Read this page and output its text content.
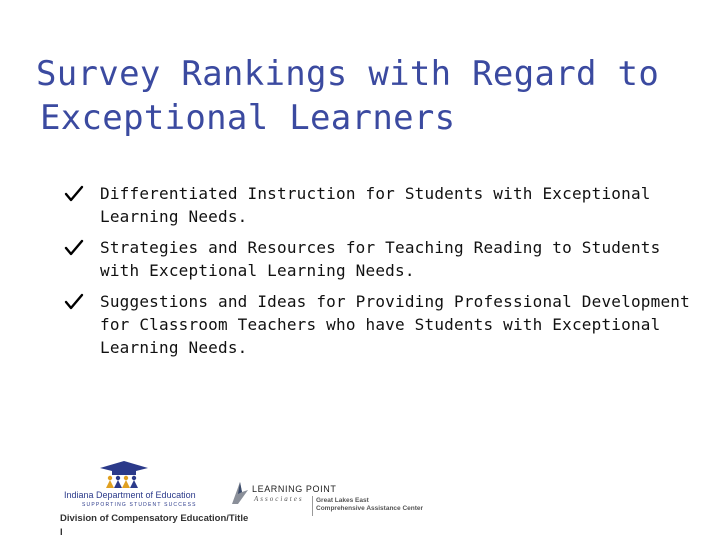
Survey Rankings with Regard to
Exceptional Learners
Differentiated Instruction for Students with Exceptional Learning Needs.
Strategies and Resources for Teaching Reading to Students with Exceptional Learning Needs.
Suggestions and Ideas for Providing Professional Development for Classroom Teachers who have Students with Exceptional Learning Needs.
Indiana Department of Education
SUPPORTING STUDENT SUCCESS
Division of Compensatory Education/Title I
LEARNING POINT
Associates Great Lakes East
Comprehensive Assistance Center
